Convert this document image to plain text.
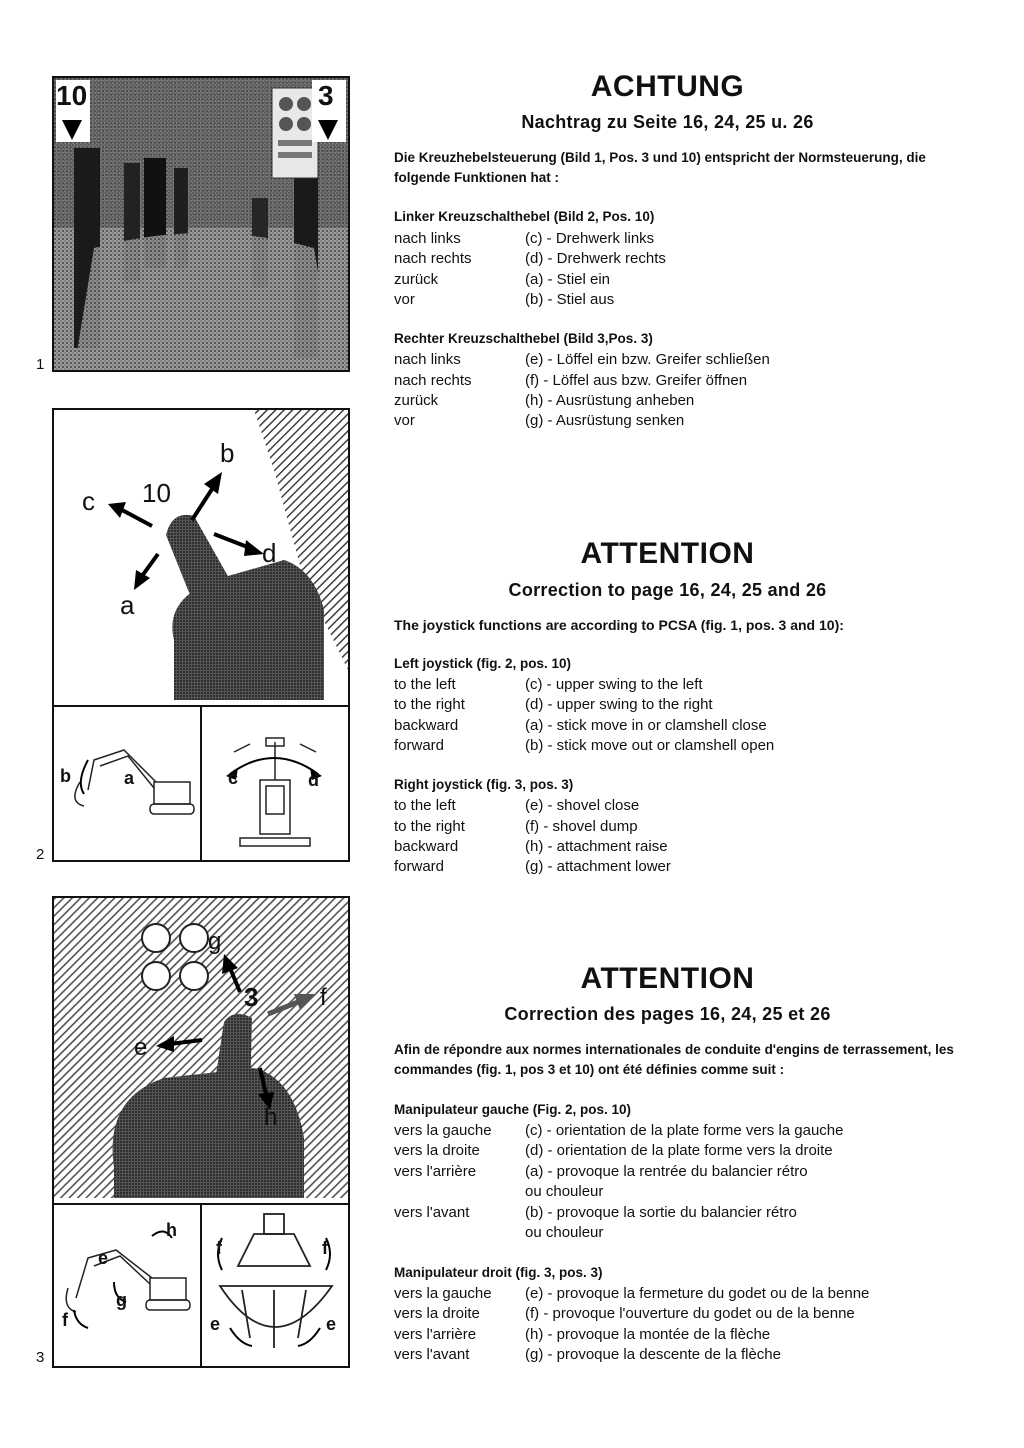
10	3
1
10
b
c
d
a
b	a	c	d
2
3
g
f
e
h
h
e
g
f
f	f
e	e
3
ACHTUNG
Nachtrag zu Seite 16, 24, 25 u. 26
Die Kreuzhebelsteuerung (Bild 1, Pos. 3 und 10) entspricht der Normsteuerung, die folgende Funktionen hat :
Linker Kreuzschalthebel (Bild 2, Pos. 10)
nach links	(c) - Drehwerk links
nach rechts	(d) - Drehwerk rechts
zurück	(a) - Stiel ein
vor	(b) - Stiel aus
Rechter Kreuzschalthebel (Bild 3,Pos. 3)
nach links	(e) - Löffel ein bzw. Greifer schließen
nach rechts	(f) - Löffel aus bzw. Greifer öffnen
zurück	(h) - Ausrüstung anheben
vor	(g) - Ausrüstung senken
ATTENTION
Correction to page 16, 24, 25 and 26
The joystick functions are according to PCSA (fig. 1, pos. 3 and 10):
Left joystick (fig. 2, pos. 10)
to the left	(c) - upper swing to the left
to the right	(d) - upper swing to the right
backward	(a) - stick move in or clamshell close
forward	(b) - stick move out or clamshell open
Right joystick (fig. 3, pos. 3)
to the left	(e) - shovel close
to the right	(f) - shovel dump
backward	(h) - attachment raise
forward	(g) - attachment lower
ATTENTION
Correction des pages 16, 24, 25 et 26
Afin de répondre aux normes internationales de conduite d'engins de terrassement, les commandes (fig. 1, pos 3 et 10) ont été définies comme suit :
Manipulateur gauche (Fig. 2, pos. 10)
vers la gauche (c) - orientation de la plate forme vers la gauche
vers la droite	(d) - orientation de la plate forme vers la droite
vers l'arrière	(a) - provoque la rentrée du balancier rétro
ou chouleur
vers l'avant	(b) - provoque la sortie du balancier rétro
ou chouleur
Manipulateur droit (fig. 3, pos. 3)
vers la gauche (e) - provoque la fermeture du godet ou de la benne
vers la droite	(f) - provoque l'ouverture du godet ou de la benne
vers l'arrière	(h) - provoque la montée de la flèche
vers l'avant	(g) - provoque la descente de la flèche
